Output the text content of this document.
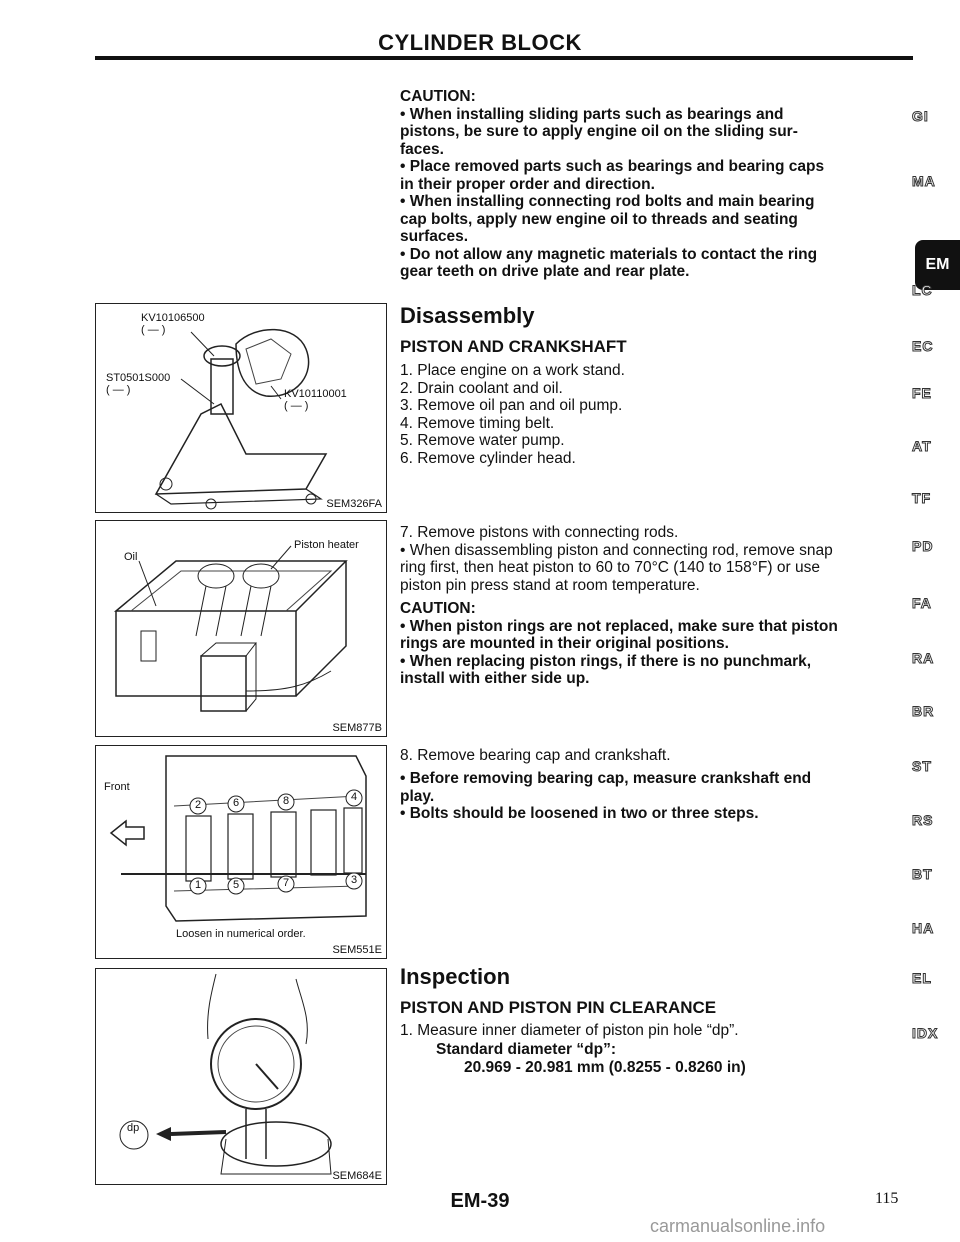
CYLINDER BLOCK
CAUTION:
• When installing sliding parts such as bearings and
pistons, be sure to apply engine oil on the sliding sur-
faces.
• Place removed parts such as bearings and bearing caps
in their proper order and direction.
• When installing connecting rod bolts and main bearing
cap bolts, apply new engine oil to threads and seating
surfaces.
• Do not allow any magnetic materials to contact the ring
gear teeth on drive plate and rear plate.
Disassembly
PISTON AND CRANKSHAFT
1. Place engine on a work stand.
2. Drain coolant and oil.
3. Remove oil pan and oil pump.
4. Remove timing belt.
5. Remove water pump.
6. Remove cylinder head.
7. Remove pistons with connecting rods.
• When disassembling piston and connecting rod, remove snap
ring first, then heat piston to 60 to 70°C (140 to 158°F) or use
piston pin press stand at room temperature.
CAUTION:
• When piston rings are not replaced, make sure that piston
rings are mounted in their original positions.
• When replacing piston rings, if there is no punchmark,
install with either side up.
8. Remove bearing cap and crankshaft.
• Before removing bearing cap, measure crankshaft end
play.
• Bolts should be loosened in two or three steps.
Inspection
PISTON AND PISTON PIN CLEARANCE
1. Measure inner diameter of piston pin hole “dp”.
Standard diameter “dp”:
20.969 - 20.981 mm (0.8255 - 0.8260 in)
KV10106500
( — )
ST0501S000
( — )	KV10110001
( — )
SEM326FA
Oil
Piston heater
SEM877B
1
2
3
4
5
6
7
8
Front
Loosen in numerical order.
SEM551E
dp
SEM684E
GI
MA
EM
LC
EC
FE
AT
TF
PD
FA
RA
BR
ST
RS
BT
HA
EL
IDX
EM-39	115
carmanualsonline.info
